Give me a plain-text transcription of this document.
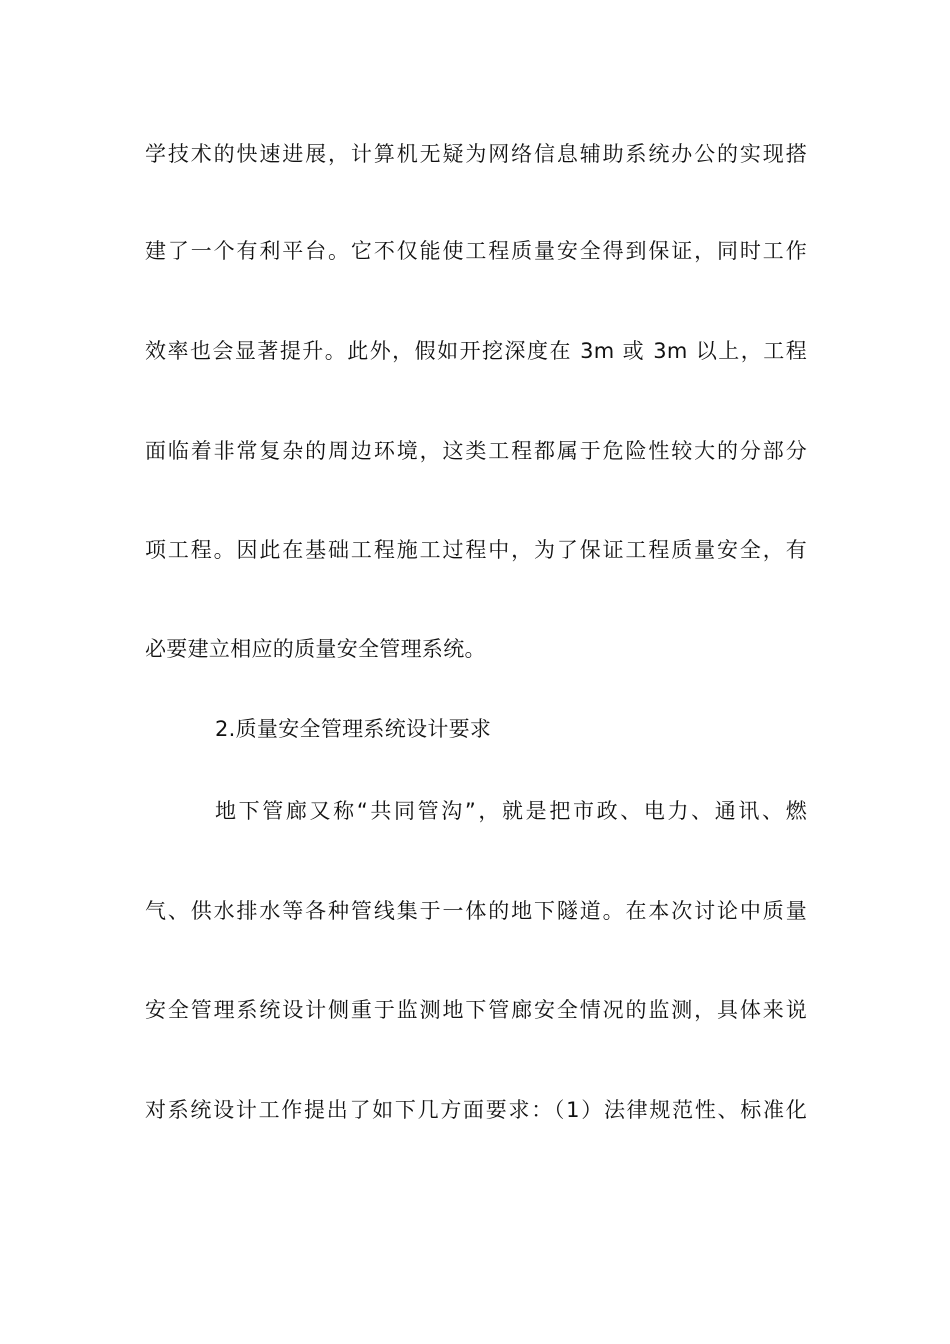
学技术的快速进展，计算机无疑为网络信息辅助系统办公的实现搭
建了一个有利平台。它不仅能使工程质量安全得到保证，同时工作
效率也会显著提升。此外，假如开挖深度在 3m 或 3m 以上，工程
面临着非常复杂的周边环境，这类工程都属于危险性较大的分部分
项工程。因此在基础工程施工过程中，为了保证工程质量安全，有
必要建立相应的质量安全管理系统。
2.质量安全管理系统设计要求
地下管廊又称“共同管沟”，就是把市政、电力、通讯、燃
气、供水排水等各种管线集于一体的地下隧道。在本次讨论中质量
安全管理系统设计侧重于监测地下管廊安全情况的监测，具体来说
对系统设计工作提出了如下几方面要求：（1）法律规范性、标准化
